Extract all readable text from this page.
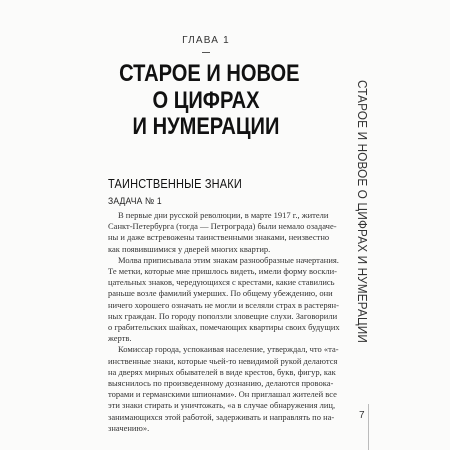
ГЛАВА 1
СТАРОЕ И НОВОЕ
О ЦИФРАХ
И НУМЕРАЦИИ	СТАРОЕ И НОВОЕ О ЦИФРАХ И НУМЕРАЦИИ
ТАИНСТВЕННЫЕ ЗНАКИ
ЗАДАЧА № 1

В первые дни русской революции, в марте 1917 г., жители
Санкт-Петербурга (тогда — Петрограда) были немало озадаче-
ны и даже встревожены таинственными знаками, неизвестно
как появившимися у дверей многих квартир.

Молва приписывала этим знакам разнообразные начертания.
Те метки, которые мне пришлось видеть, имели форму воскли-
цательных знаков, чередующихся с крестами, какие ставились
раньше возле фамилий умерших. По общему убеждению, они
ничего хорошего означать не могли и вселяли страх в растерян-
ных граждан. По городу поползли зловещие слухи. Заговорили
о грабительских шайках, помечающих квартиры своих будущих
жертв.

Комиссар города, успокаивая население, утверждал, что «та-
инственные знаки, которые чьей-то невидимой рукой делаются
на дверях мирных обывателей в виде крестов, букв, фигур, как
выяснилось по произведенному дознанию, делаются провока-
торами и германскими шпионами». Он приглашал жителей все
эти знаки стирать и уничтожать, «а в случае обнаружения лиц,
занимающихся этой работой, задерживать и направлять по на-
значению».

7
